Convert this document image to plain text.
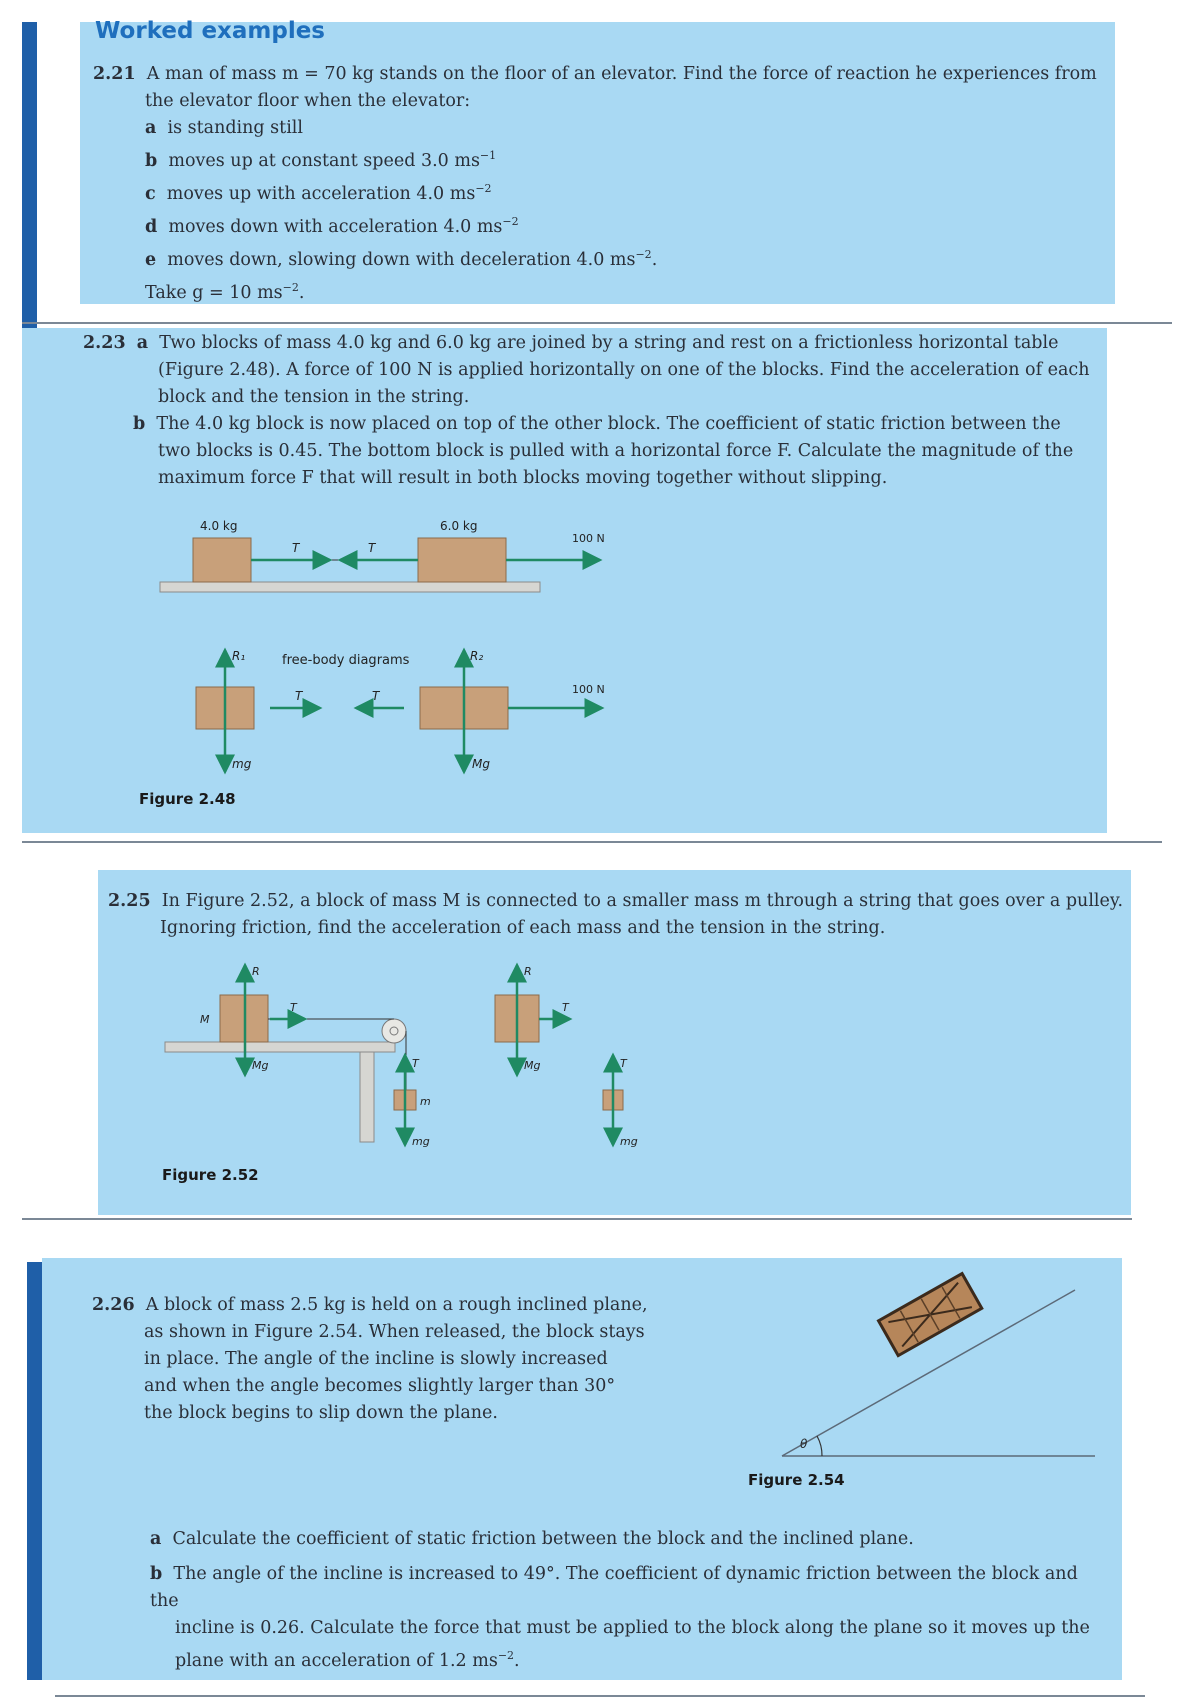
Worked examples
2.21 A man of mass m = 70 kg stands on the floor of an elevator. Find the force of reaction he experiences from
the elevator floor when the elevator:
a is standing still
b moves up at constant speed 3.0 $ms^{-1}$
c moves up with acceleration 4.0 $ms^{-2}$
d moves down with acceleration 4.0 $ms^{-2}$
e moves down, slowing down with deceleration 4.0 $ms^{-2}$.
Take g = 10 $ms^{-2}$.
2.23 a Two blocks of mass 4.0 kg and 6.0 kg are joined by a string and rest on a frictionless horizontal table
(Figure 2.48). A force of 100 N is applied horizontally on one of the blocks. Find the acceleration of each
block and the tension in the string.
b The 4.0 kg block is now placed on top of the other block. The coefficient of static friction between the
two blocks is 0.45. The bottom block is pulled with a horizontal force F. Calculate the magnitude of the
maximum force F that will result in both blocks moving together without slipping.
4.0 kg	6.0 kg
T	T
100 N
free-body diagrams
R₁
mg
T
R₂
Mg
T	100 N
Figure 2.48
2.25 In Figure 2.52, a block of mass M is connected to a smaller mass m through a string that goes over a pulley.
Ignoring friction, find the acceleration of each mass and the tension in the string.
M
R
T
Mg
m
T
mg
R
T
Mg	T
mg
Figure 2.52
2.26 A block of mass 2.5 kg is held on a rough inclined plane,
as shown in Figure 2.54. When released, the block stays
in place. The angle of the incline is slowly increased
and when the angle becomes slightly larger than 30°
the block begins to slip down the plane.
θ
Figure 2.54
a Calculate the coefficient of static friction between the block and the inclined plane.
b The angle of the incline is increased to 49°. The coefficient of dynamic friction between the block and the
incline is 0.26. Calculate the force that must be applied to the block along the plane so it moves up the
plane with an acceleration of 1.2 $ms^{-2}$.
